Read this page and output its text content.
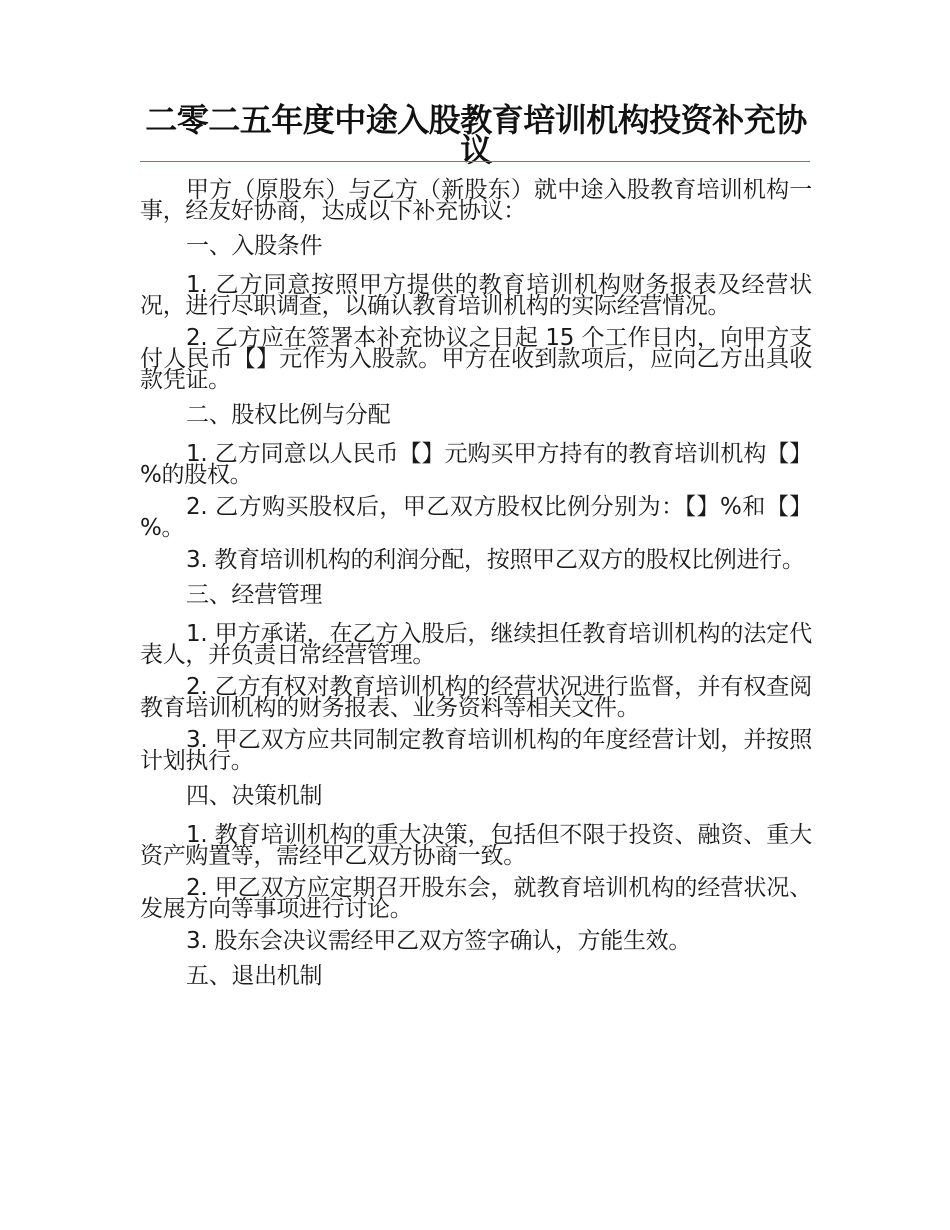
二零二五年度中途入股教育培训机构投资补充协议

甲方（原股东）与乙方（新股东）就中途入股教育培训机构一事，经友好协商，达成以下补充协议：

一、入股条件

1. 乙方同意按照甲方提供的教育培训机构财务报表及经营状况，进行尽职调查，以确认教育培训机构的实际经营情况。

2. 乙方应在签署本补充协议之日起 15 个工作日内，向甲方支付人民币【】元作为入股款。甲方在收到款项后，应向乙方出具收款凭证。

二、股权比例与分配

1. 乙方同意以人民币【】元购买甲方持有的教育培训机构【】%的股权。

2. 乙方购买股权后，甲乙双方股权比例分别为：【】%和【】%。

3. 教育培训机构的利润分配，按照甲乙双方的股权比例进行。

三、经营管理

1. 甲方承诺，在乙方入股后，继续担任教育培训机构的法定代表人，并负责日常经营管理。

2. 乙方有权对教育培训机构的经营状况进行监督，并有权查阅教育培训机构的财务报表、业务资料等相关文件。

3. 甲乙双方应共同制定教育培训机构的年度经营计划，并按照计划执行。

四、决策机制

1. 教育培训机构的重大决策，包括但不限于投资、融资、重大资产购置等，需经甲乙双方协商一致。

2. 甲乙双方应定期召开股东会，就教育培训机构的经营状况、发展方向等事项进行讨论。

3. 股东会决议需经甲乙双方签字确认，方能生效。

五、退出机制
